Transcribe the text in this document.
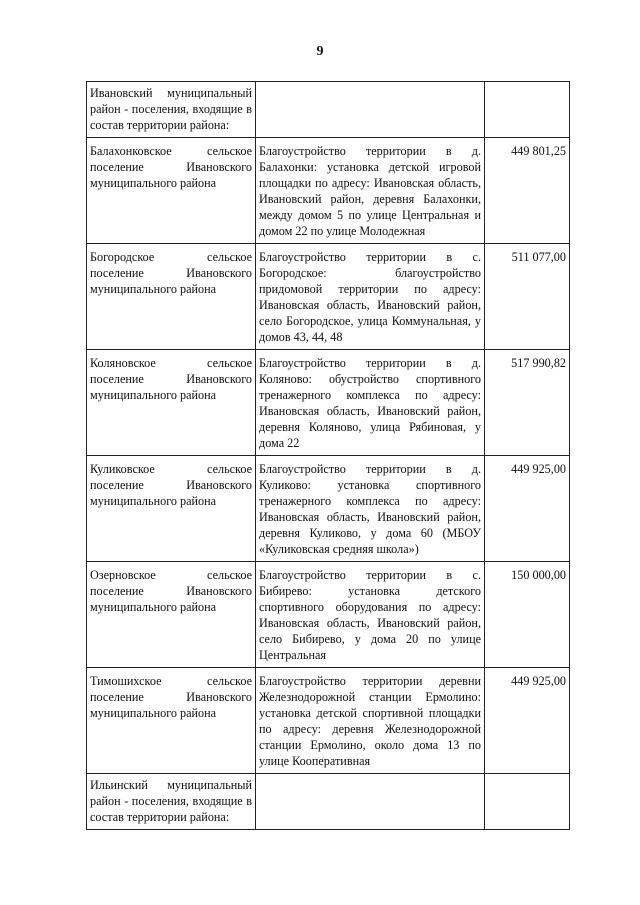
9
Ивановский муниципальный район - поселения, входящие в состав территории района:		
Балахонковское сельское поселение Ивановского муниципального района	Благоустройство территории в д. Балахонки: установка детской игровой площадки по адресу: Ивановская область, Ивановский район, деревня Балахонки, между домом 5 по улице Центральная и домом 22 по улице Молодежная	449 801,25
Богородское сельское поселение Ивановского муниципального района	Благоустройство территории в с. Богородское: благоустройство придомовой территории по адресу: Ивановская область, Ивановский район, село Богородское, улица Коммунальная, у домов 43, 44, 48	511 077,00
Коляновское сельское поселение Ивановского муниципального района	Благоустройство территории в д. Коляново: обустройство спортивного тренажерного комплекса по адресу: Ивановская область, Ивановский район, деревня Коляново, улица Рябиновая, у дома 22	517 990,82
Куликовское сельское поселение Ивановского муниципального района	Благоустройство территории в д. Куликово: установка спортивного тренажерного комплекса по адресу: Ивановская область, Ивановский район, деревня Куликово, у дома 60 (МБОУ «Куликовская средняя школа»)	449 925,00
Озерновское сельское поселение Ивановского муниципального района	Благоустройство территории в с. Бибирево: установка детского спортивного оборудования по адресу: Ивановская область, Ивановский район, село Бибирево, у дома 20 по улице Центральная	150 000,00
Тимошихское сельское поселение Ивановского муниципального района	Благоустройство территории деревни Железнодорожной станции Ермолино: установка детской спортивной площадки по адресу: деревня Железнодорожной станции Ермолино, около дома 13 по улице Кооперативная	449 925,00
Ильинский муниципальный район - поселения, входящие в состав территории района:		
